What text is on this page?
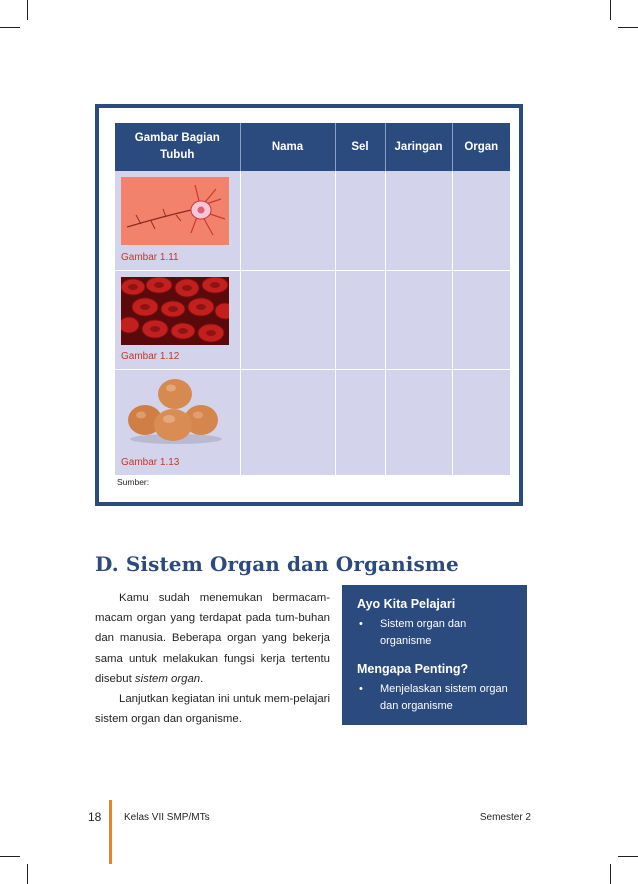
Gambar Bagian Tubuh	Nama	Sel	Jaringan	Organ

Gambar 1.11				

Gambar 1.12				

Gambar 1.13				

Sumber:
D. Sistem Organ dan Organisme

Kamu sudah menemukan bermacam-macam organ yang terdapat pada tum-buhan dan manusia. Beberapa organ yang bekerja sama untuk melakukan fungsi kerja tertentu disebut sistem organ.

Lanjutkan kegiatan ini untuk mem-pelajari sistem organ dan organisme.

Ayo Kita Pelajari
• Sistem organ dan organisme
Mengapa Penting?
• Menjelaskan sistem organ dan organisme
18 Kelas VII SMP/MTs	Semester 2
